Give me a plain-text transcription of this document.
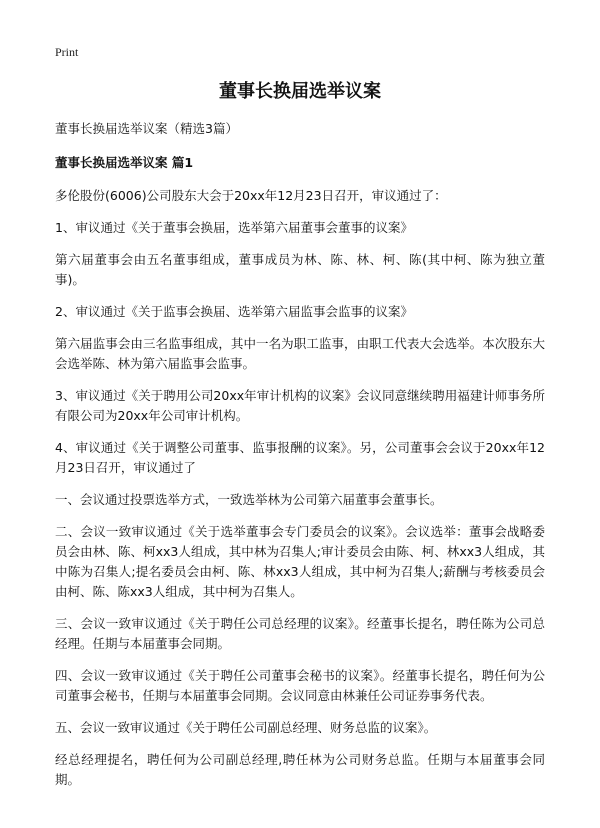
Print
董事长换届选举议案
董事长换届选举议案（精选3篇）
董事长换届选举议案 篇1

多伦股份(6006)公司股东大会于20xx年12月23日召开，审议通过了：

1、审议通过《关于董事会换届，选举第六届董事会董事的议案》

第六届董事会由五名董事组成，董事成员为林、陈、林、柯、陈(其中柯、陈为独立董事)。

2、审议通过《关于监事会换届、选举第六届监事会监事的议案》

第六届监事会由三名监事组成，其中一名为职工监事，由职工代表大会选举。本次股东大会选举陈、林为第六届监事会监事。

3、审议通过《关于聘用公司20xx年审计机构的议案》会议同意继续聘用福建计师事务所有限公司为20xx年公司审计机构。

4、审议通过《关于调整公司董事、监事报酬的议案》。另，公司董事会会议于20xx年12月23日召开，审议通过了

一、会议通过投票选举方式，一致选举林为公司第六届董事会董事长。

二、会议一致审议通过《关于选举董事会专门委员会的议案》。会议选举：董事会战略委员会由林、陈、柯xx3人组成，其中林为召集人;审计委员会由陈、柯、林xx3人组成，其中陈为召集人;提名委员会由柯、陈、林xx3人组成，其中柯为召集人;薪酬与考核委员会由柯、陈、陈xx3人组成，其中柯为召集人。

三、会议一致审议通过《关于聘任公司总经理的议案》。经董事长提名，聘任陈为公司总经理。任期与本届董事会同期。

四、会议一致审议通过《关于聘任公司董事会秘书的议案》。经董事长提名，聘任何为公司董事会秘书，任期与本届董事会同期。会议同意由林兼任公司证券事务代表。

五、会议一致审议通过《关于聘任公司副总经理、财务总监的议案》。

经总经理提名，聘任何为公司副总经理,聘任林为公司财务总监。任期与本届董事会同期。
